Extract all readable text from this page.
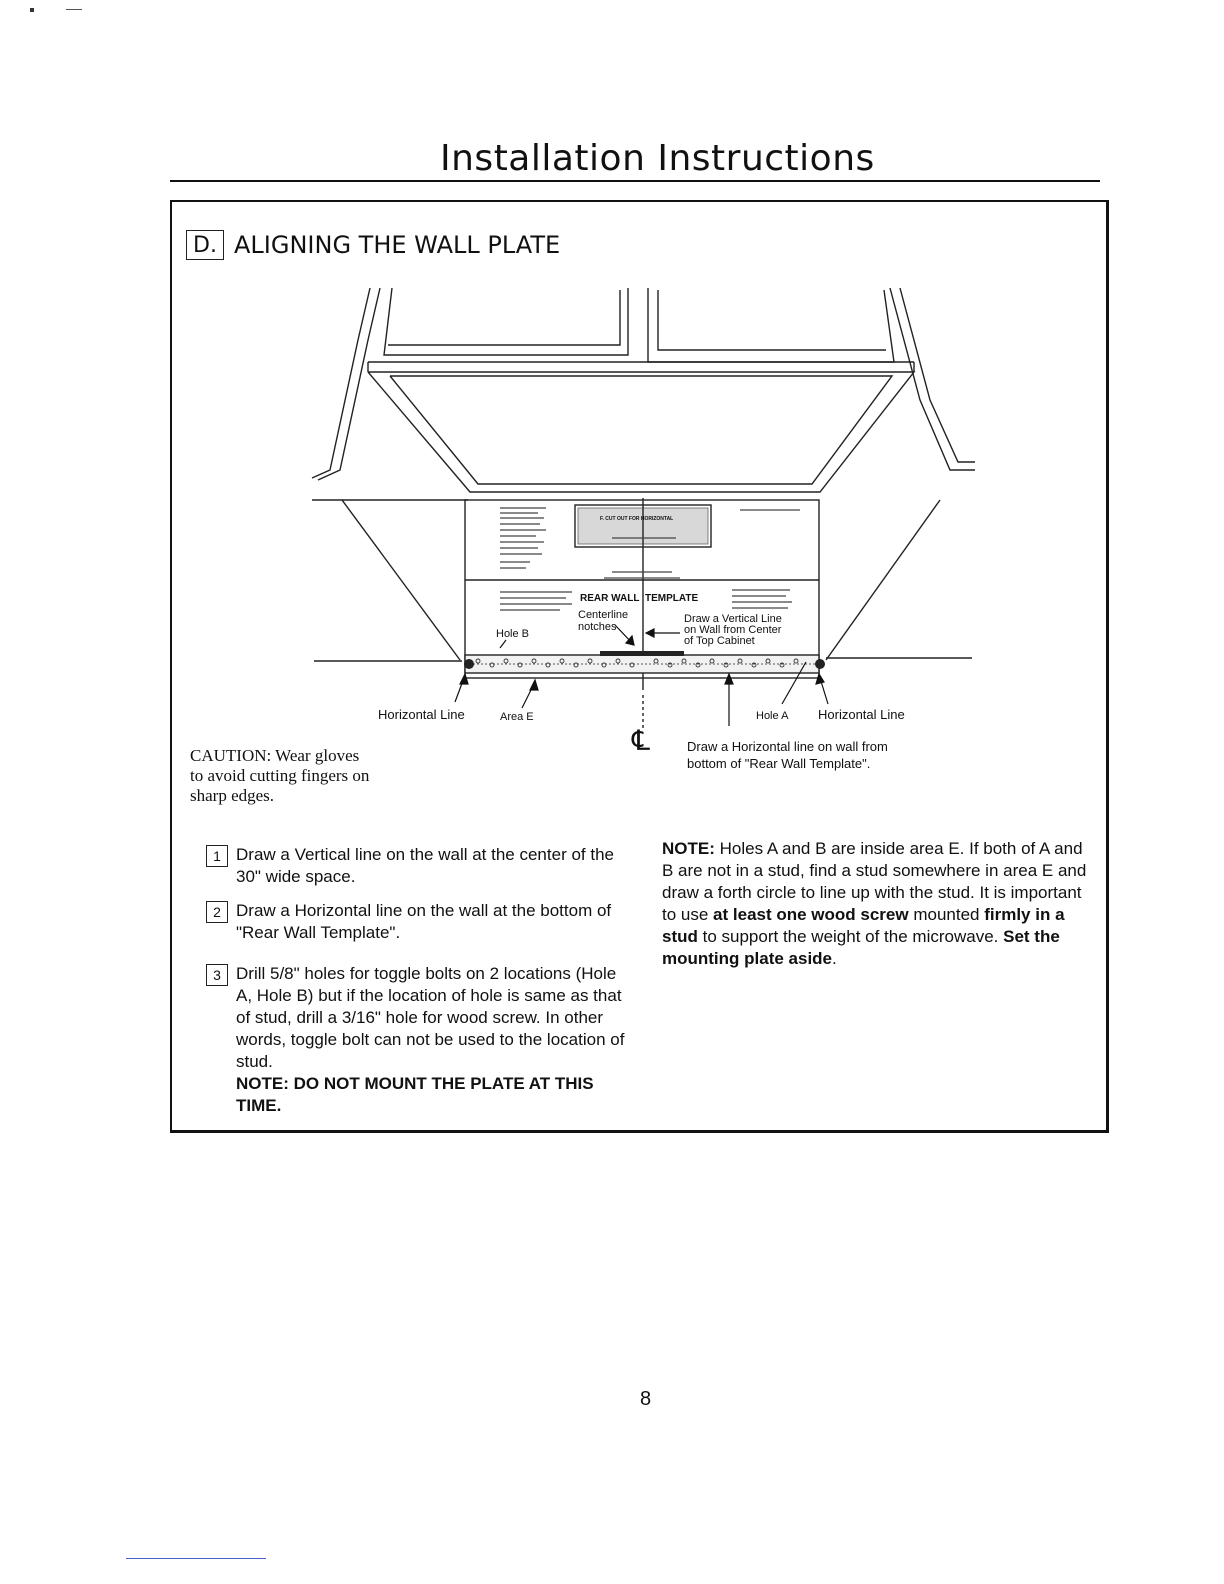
Installation Instructions
D. ALIGNING THE WALL PLATE
F. CUT OUT FOR HORIZONTAL
REAR WALL TEMPLATE
Centerline
notches
Hole B
Draw a Vertical Line
on Wall from Center
of Top Cabinet
Horizontal Line	Area E	Hole A Horizontal Line
℄	Draw a Horizontal line on wall from
bottom of "Rear Wall Template".
CAUTION: Wear gloves
to avoid cutting fingers on
sharp edges.
1 Draw a Vertical line on the wall at the center of the 30" wide space.
2 Draw a Horizontal line on the wall at the bottom of "Rear Wall Template".
3 Drill 5/8" holes for toggle bolts on 2 locations (Hole A, Hole B) but if the location of hole is same as that of stud, drill a 3/16" hole for wood screw. In other words, toggle bolt can not be used to the location of stud.
NOTE: DO NOT MOUNT THE PLATE AT THIS TIME.
NOTE: Holes A and B are inside area E. If both of A and B are not in a stud, find a stud somewhere in area E and draw a forth circle to line up with the stud. It is important to use at least one wood screw mounted firmly in a stud to support the weight of the microwave. Set the mounting plate aside.
8
